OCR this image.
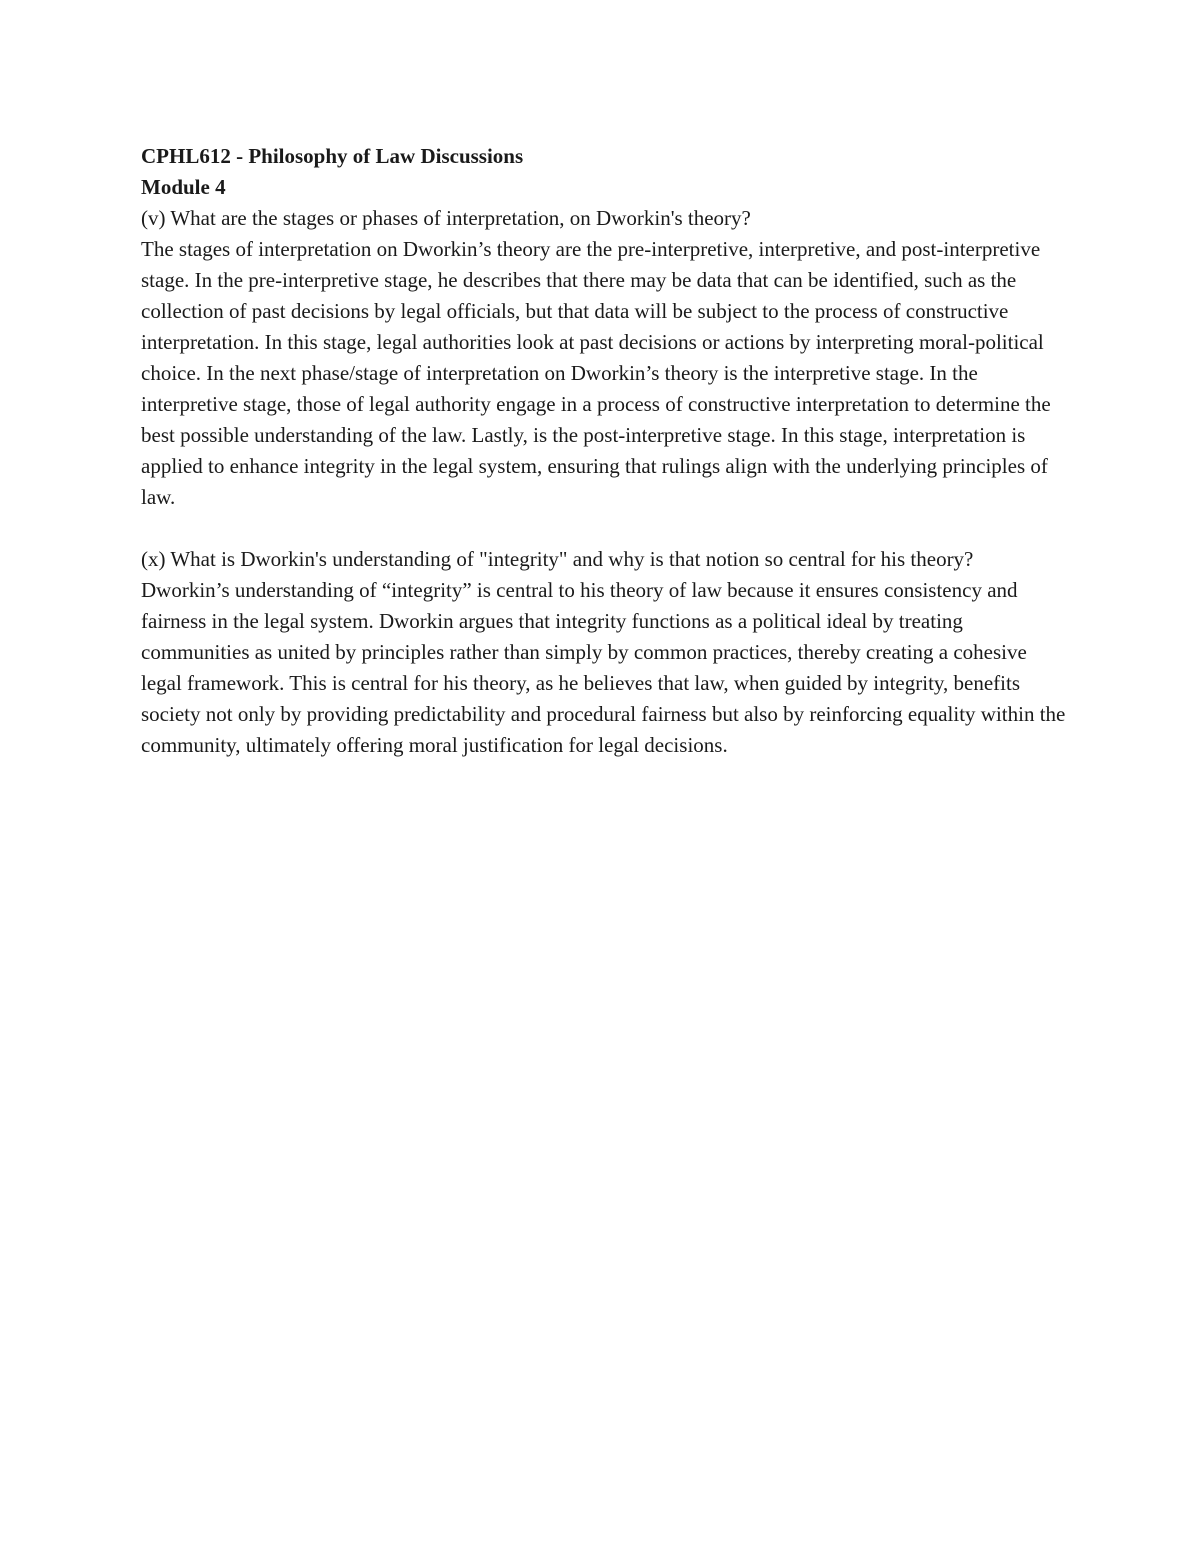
CPHL612 - Philosophy of Law Discussions

Module 4

(v) What are the stages or phases of interpretation, on Dworkin's theory?

The stages of interpretation on Dworkin’s theory are the pre-interpretive, interpretive, and post-interpretive stage. In the pre-interpretive stage, he describes that there may be data that can be identified, such as the collection of past decisions by legal officials, but that data will be subject to the process of constructive interpretation. In this stage, legal authorities look at past decisions or actions by interpreting moral-political choice. In the next phase/stage of interpretation on Dworkin’s theory is the interpretive stage. In the interpretive stage, those of legal authority engage in a process of constructive interpretation to determine the best possible understanding of the law. Lastly, is the post-interpretive stage. In this stage, interpretation is applied to enhance integrity in the legal system, ensuring that rulings align with the underlying principles of law.

(x) What is Dworkin's understanding of "integrity" and why is that notion so central for his theory?

Dworkin’s understanding of “integrity” is central to his theory of law because it ensures consistency and fairness in the legal system. Dworkin argues that integrity functions as a political ideal by treating communities as united by principles rather than simply by common practices, thereby creating a cohesive legal framework. This is central for his theory, as he believes that law, when guided by integrity, benefits society not only by providing predictability and procedural fairness but also by reinforcing equality within the community, ultimately offering moral justification for legal decisions.
